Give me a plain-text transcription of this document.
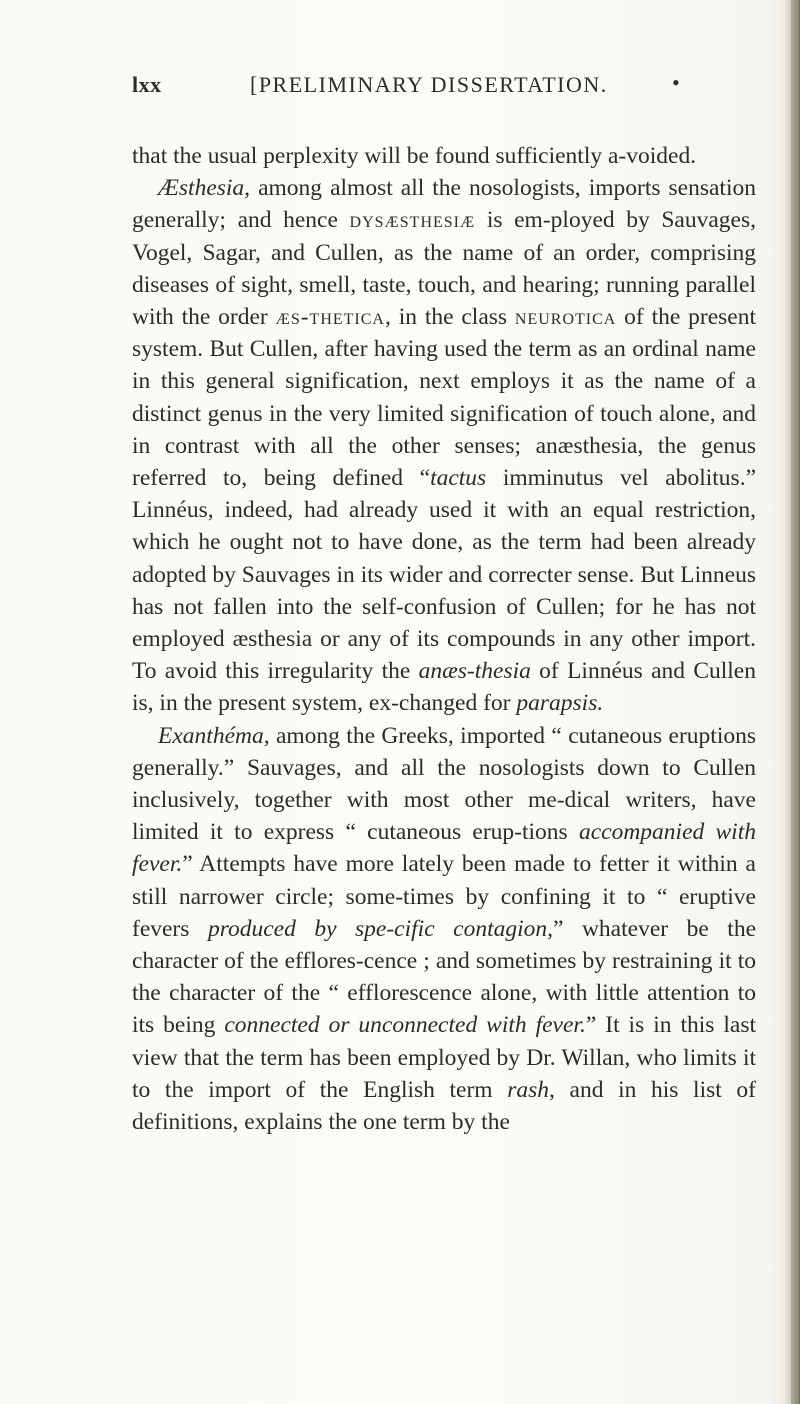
lxx	[PRELIMINARY DISSERTATION.	•

that the usual perplexity will be found sufficiently a-voided.

Æsthesia, among almost all the nosologists, imports sensation generally; and hence dysæsthesiæ is em-ployed by Sauvages, Vogel, Sagar, and Cullen, as the name of an order, comprising diseases of sight, smell, taste, touch, and hearing; running parallel with the order æs-thetica, in the class neurotica of the present system. But Cullen, after having used the term as an ordinal name in this general signification, next employs it as the name of a distinct genus in the very limited signification of touch alone, and in contrast with all the other senses; anæsthesia, the genus referred to, being defined “tactus imminutus vel abolitus.” Linnéus, indeed, had already used it with an equal restriction, which he ought not to have done, as the term had been already adopted by Sauvages in its wider and correcter sense. But Linneus has not fallen into the self-confusion of Cullen; for he has not employed æsthesia or any of its compounds in any other import. To avoid this irregularity the anæs-thesia of Linnéus and Cullen is, in the present system, ex-changed for parapsis.

Exanthéma, among the Greeks, imported “ cutaneous eruptions generally.” Sauvages, and all the nosologists down to Cullen inclusively, together with most other me-dical writers, have limited it to express “ cutaneous erup-tions accompanied with fever.” Attempts have more lately been made to fetter it within a still narrower circle; some-times by confining it to “ eruptive fevers produced by spe-cific contagion,” whatever be the character of the efflores-cence ; and sometimes by restraining it to the character of the “ efflorescence alone, with little attention to its being connected or unconnected with fever.” It is in this last view that the term has been employed by Dr. Willan, who limits it to the import of the English term rash, and in his list of definitions, explains the one term by the
